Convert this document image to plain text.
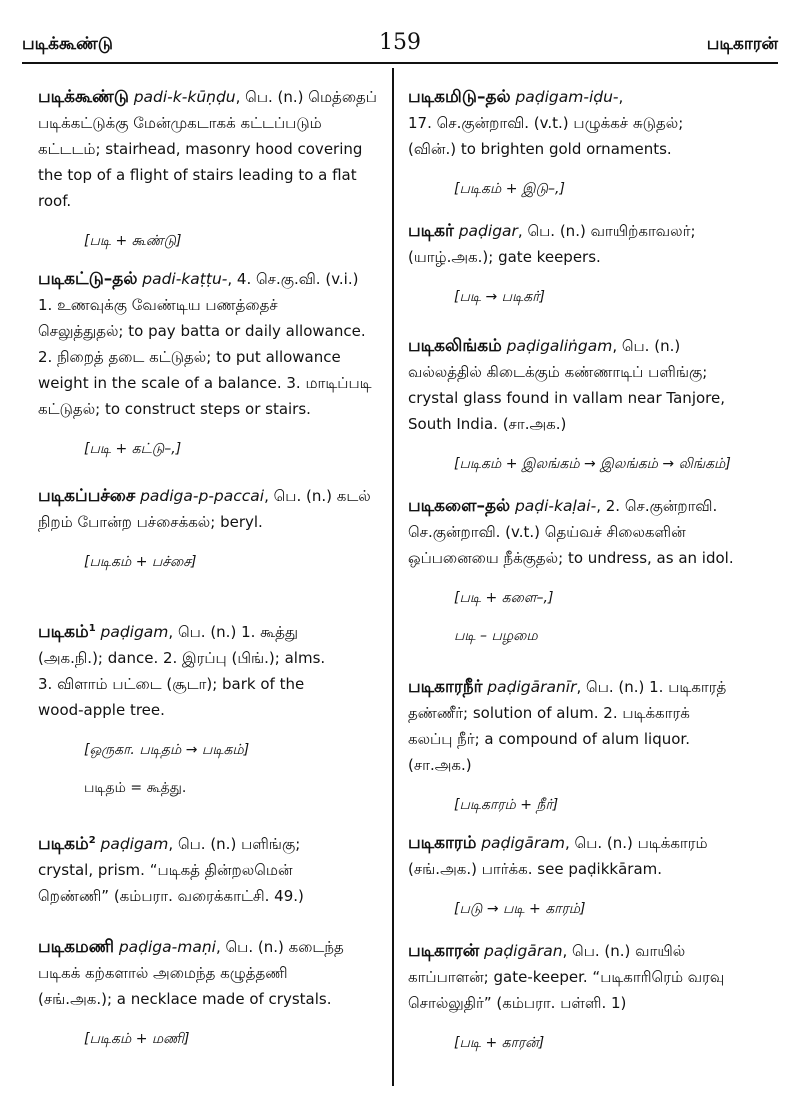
படிக்கூண்டு	159	படிகாரன்

படிக்கூண்டு padi-k-kūṇḍu, பெ. (n.) மெத்தைப்

படிக்கட்டுக்கு மேன்முகடாகக் கட்டப்படும்

கட்டடம்; stairhead, masonry hood covering

the top of a flight of stairs leading to a flat

roof.

[படி + கூண்டு]

படிகட்டு–தல் padi-kaṭṭu-, 4. செ.கு.வி. (v.i.)

1. உணவுக்கு வேண்டிய பணத்தைச்

செலுத்துதல்; to pay batta or daily allowance.

2. நிறைத் தடை கட்டுதல்; to put allowance

weight in the scale of a balance. 3. மாடிப்படி

கட்டுதல்; to construct steps or stairs.

[படி + கட்டு–,]

படிகப்பச்சை padiga-p-paccai, பெ. (n.) கடல்

நிறம் போன்ற பச்சைக்கல்; beryl.

[படிகம் + பச்சை]

படிகம்$^1$ paḍigam, பெ. (n.) 1. கூத்து

(அக.நி.); dance. 2. இரப்பு (பிங்.); alms.

3. விளாம் பட்டை (சூடா); bark of the

wood-apple tree.

[ஒருகா. படிதம் → படிகம்]

படிதம் = கூத்து.

படிகம்$^2$ paḍigam, பெ. (n.) பளிங்கு;

crystal, prism. “படிகத் தின்றலமென்

றெண்ணி” (கம்பரா. வரைக்காட்சி. 49.)

படிகமணி paḍiga-maṇi, பெ. (n.) கடைந்த

படிகக் கற்களால் அமைந்த கழுத்தணி

(சங்.அக.); a necklace made of crystals.

[படிகம் + மணி]

படிகமிடு–தல் paḍigam-iḍu-,

17. செ.குன்றாவி. (v.t.) பழுக்கச் சுடுதல்;

(வின்.) to brighten gold ornaments.

[படிகம் + இடு–,]

படிகர் paḍigar, பெ. (n.) வாயிற்காவலர்;

(யாழ்.அக.); gate keepers.

[படி → படிகர்]

படிகலிங்கம் paḍigaliṅgam, பெ. (n.)

வல்லத்தில் கிடைக்கும் கண்ணாடிப் பளிங்கு;

crystal glass found in vallam near Tanjore,

South India. (சா.அக.)

[படிகம் + இலங்கம் → இலங்கம் → லிங்கம்]

படிகளை–தல் paḍi-kaḷai-, 2. செ.குன்றாவி.

செ.குன்றாவி. (v.t.) தெய்வச் சிலைகளின்

ஒப்பனையை நீக்குதல்; to undress, as an idol.

[படி + களை–,]

படி – பழமை

படிகாரநீர் paḍigāranīr, பெ. (n.) 1. படிகாரத்

தண்ணீர்; solution of alum. 2. படிக்காரக்

கலப்பு நீர்; a compound of alum liquor.

(சா.அக.)

[படிகாரம் + நீர்]

படிகாரம் paḍigāram, பெ. (n.) படிக்காரம்

(சங்.அக.) பார்க்க. see paḍikkāram.

[படு → படி + காரம்]

படிகாரன் paḍigāran, பெ. (n.) வாயில்

காப்பாளன்; gate-keeper. “படிகாரிரெம் வரவு

சொல்லுதிர்” (கம்பரா. பள்ளி. 1)

[படி + காரன்]
